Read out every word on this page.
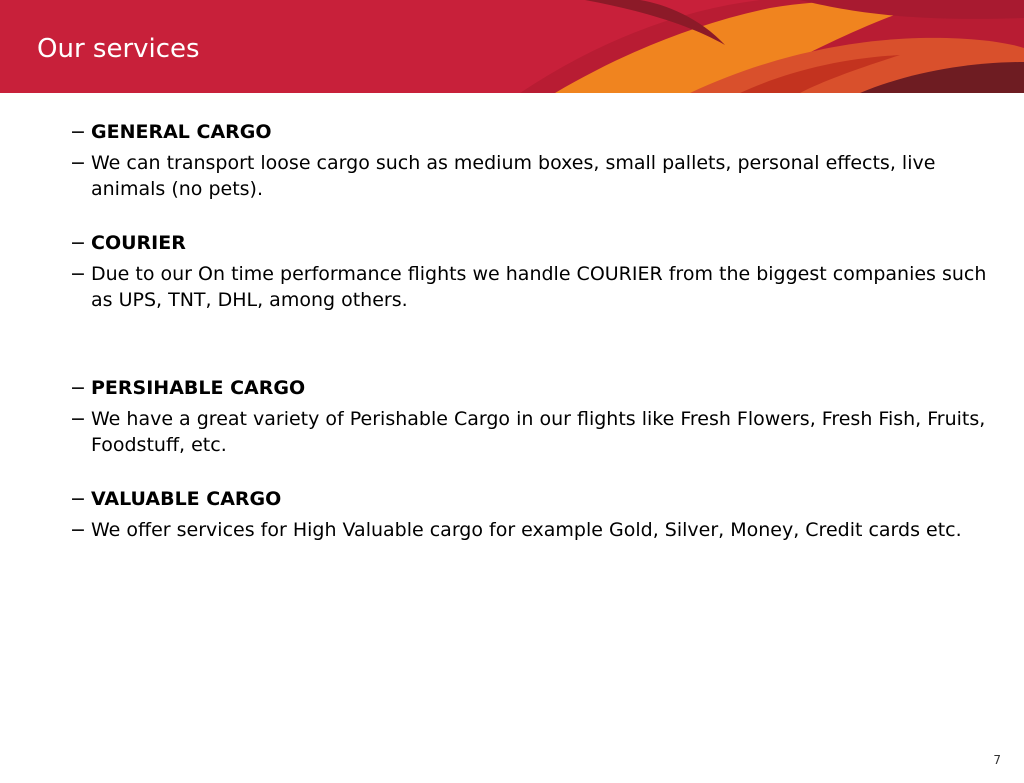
Our services
− GENERAL CARGO
− We can transport loose cargo such as medium boxes, small pallets, personal effects, live animals (no pets).
− COURIER
− Due to our On time performance flights we handle COURIER from the biggest companies such as UPS, TNT, DHL, among others.
− PERSIHABLE CARGO
− We have a great variety of Perishable Cargo in our flights like Fresh Flowers, Fresh Fish, Fruits, Foodstuff, etc.
− VALUABLE CARGO
− We offer services for High Valuable cargo for example Gold, Silver, Money, Credit cards etc.
7
